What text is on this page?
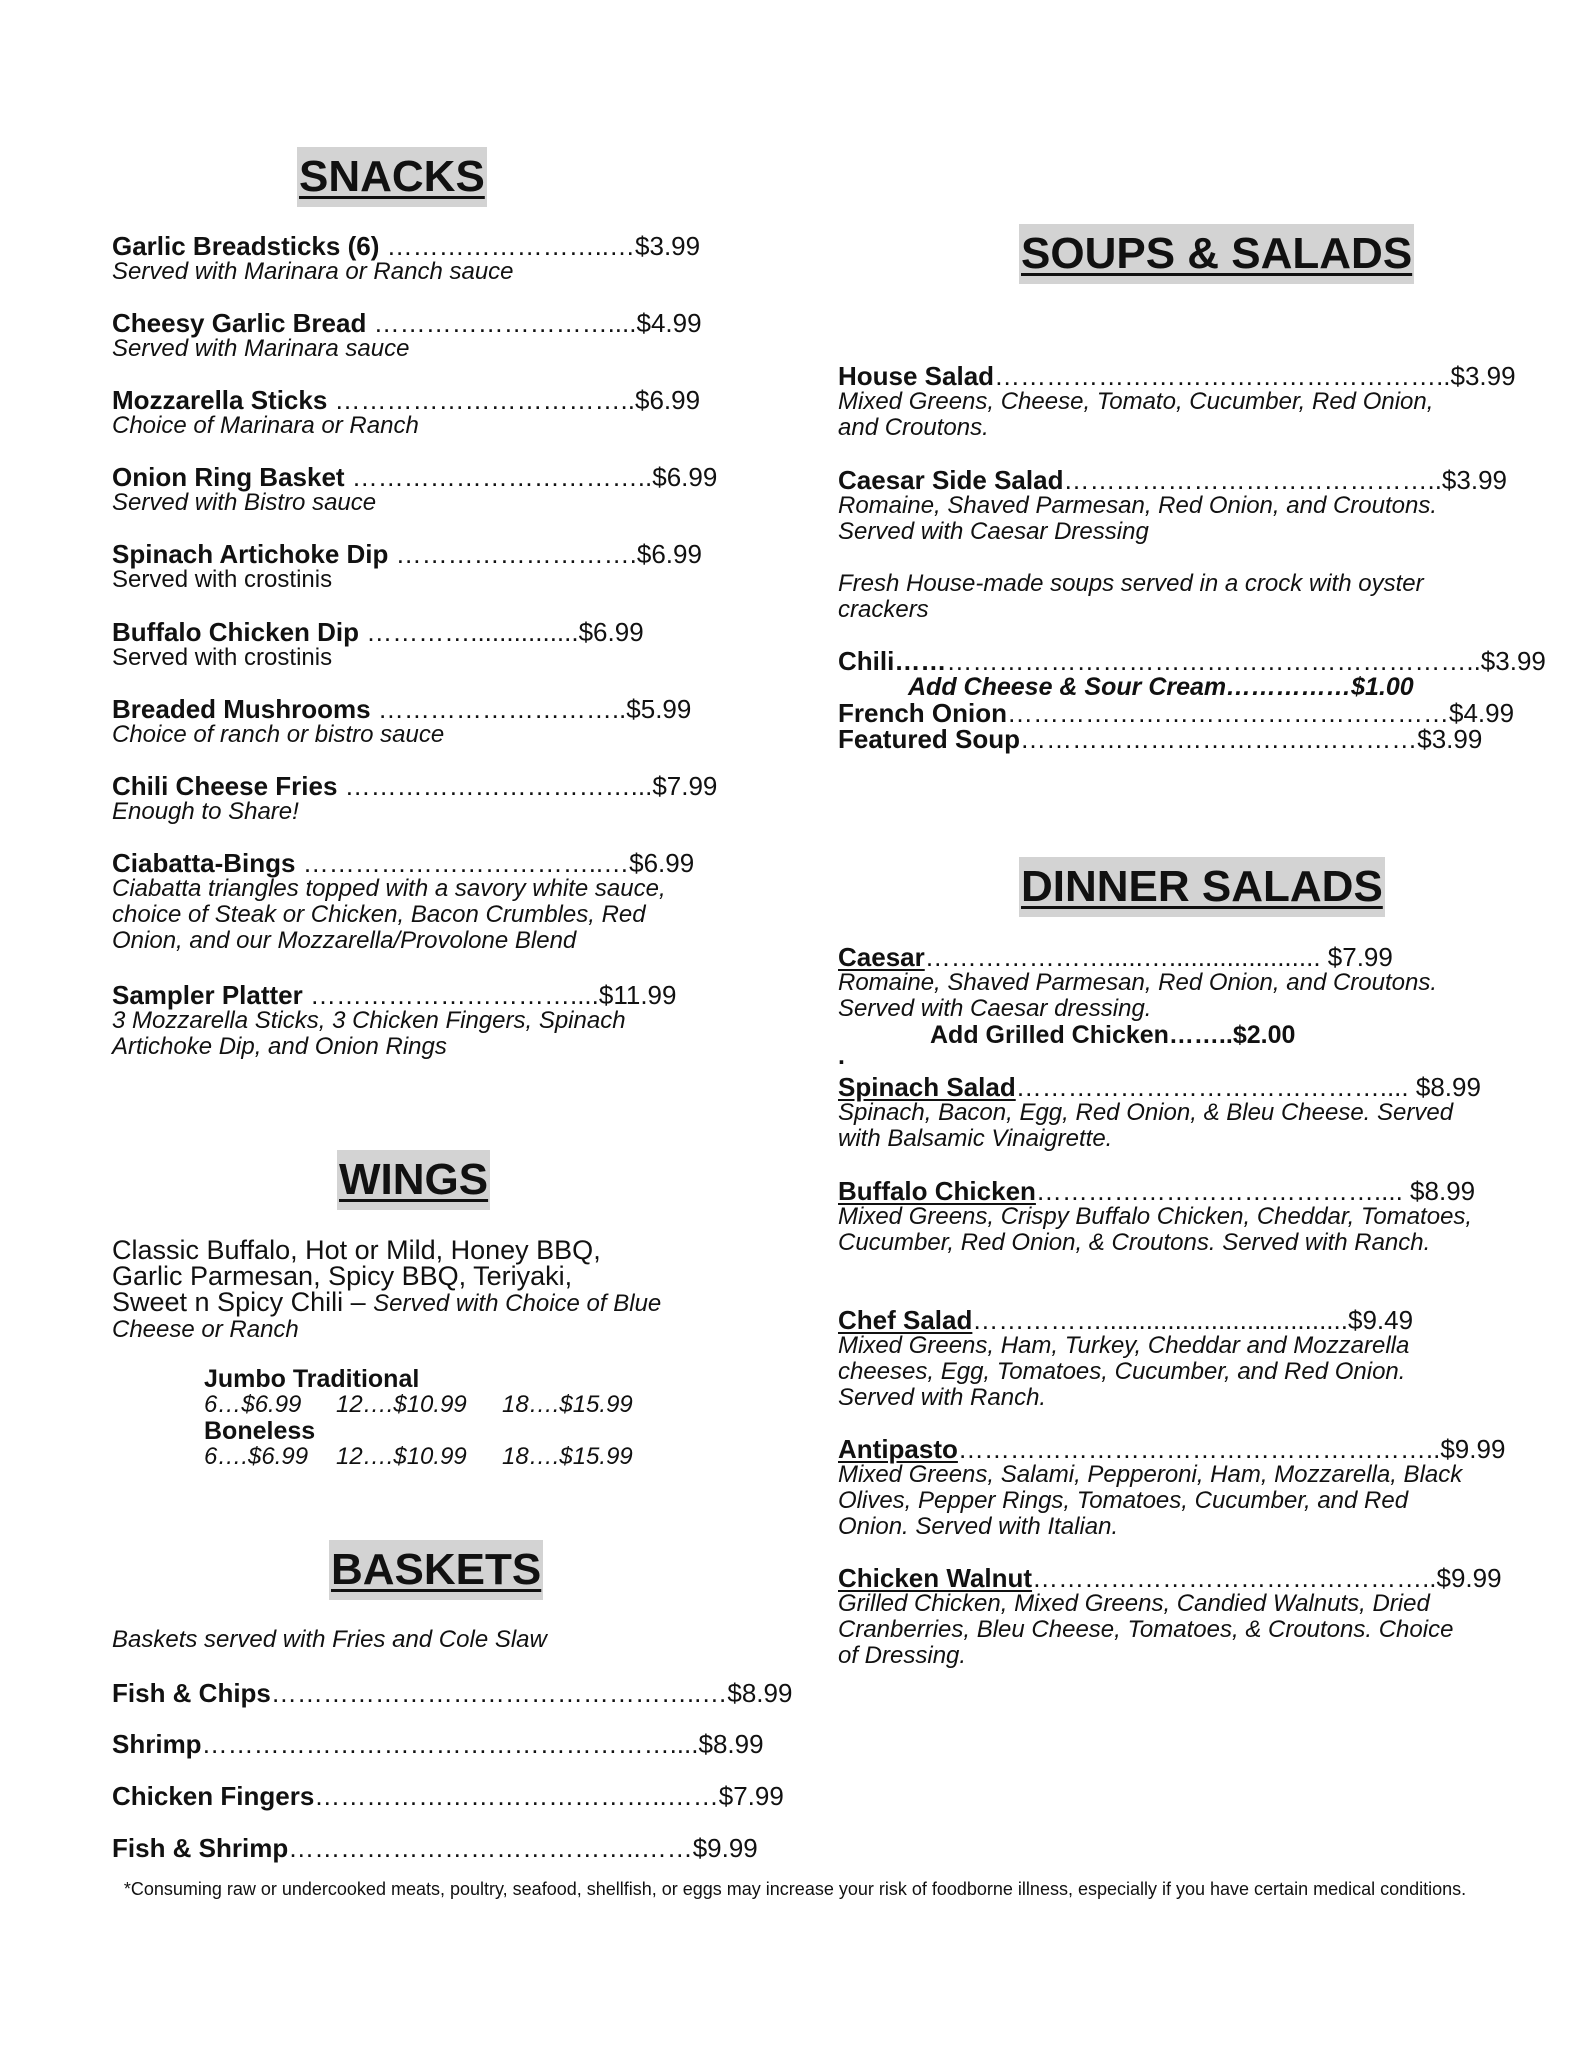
SNACKS
Garlic Breadsticks (6) ……………………..…$3.99
Served with Marinara or Ranch sauce
Cheesy Garlic Bread ………………………....$4.99
Served with Marinara sauce
Mozzarella Sticks ……………………………..$6.99
Choice of Marinara or Ranch
Onion Ring Basket ……………………………..$6.99
Served with Bistro sauce
Spinach Artichoke Dip ……………………….$6.99
Served with crostinis
Buffalo Chicken Dip …………...............$6.99
Served with crostinis
Breaded Mushrooms ………………………..$5.99
Choice of ranch or bistro sauce
Chili Cheese Fries ……………………………...$7.99
Enough to Share!
Ciabatta-Bings ……………………………..…$6.99
Ciabatta triangles topped with a savory white sauce, choice of Steak or Chicken, Bacon Crumbles, Red Onion, and our Mozzarella/Provolone Blend
Sampler Platter …………………………....$11.99
3 Mozzarella Sticks, 3 Chicken Fingers, Spinach Artichoke Dip, and Onion Rings
WINGS
Classic Buffalo, Hot or Mild, Honey BBQ,
Garlic Parmesan, Spicy BBQ, Teriyaki,
Sweet n Spicy Chili – Served with Choice of Blue
Cheese or Ranch
Jumbo Traditional
6…$6.99	12….$10.99	18….$15.99
Boneless
6….$6.99	12….$10.99	18….$15.99
BASKETS
Baskets served with Fries and Cole Slaw
Fish & Chips…………………………………………..…$8.99
Shrimp………………………………………………....$8.99
Chicken Fingers…………………………………..……$7.99
Fish & Shrimp…………………………………..……$9.99
SOUPS & SALADS
House Salad……………………………………………..$3.99
Mixed Greens, Cheese, Tomato, Cucumber, Red Onion, and Croutons.
Caesar Side Salad……………………………………..$3.99
Romaine, Shaved Parmesan, Red Onion, and Croutons. Served with Caesar Dressing
Fresh House-made soups served in a crock with oyster crackers
Chili…………………………………………………………..$3.99
Add Cheese & Sour Cream……………$1.00
French Onion……………………………………………$4.99
Featured Soup…………………………….…………$3.99
DINNER SALADS
Caesar………………….....…..................... $7.99
Romaine, Shaved Parmesan, Red Onion, and Croutons. Served with Caesar dressing.
Add Grilled Chicken……..$2.00
.
Spinach Salad…………………………………….... $8.99
Spinach, Bacon, Egg, Red Onion, & Bleu Cheese. Served with Balsamic Vinaigrette.
Buffalo Chicken………………………………….... $8.99
Mixed Greens, Crispy Buffalo Chicken, Cheddar, Tomatoes, Cucumber, Red Onion, & Croutons. Served with Ranch.
Chef Salad……………..................................$9.49
Mixed Greens, Ham, Turkey, Cheddar and Mozzarella cheeses, Egg, Tomatoes, Cucumber, and Red Onion. Served with Ranch.
Antipasto………………………………………………..$9.99
Mixed Greens, Salami, Pepperoni, Ham, Mozzarella, Black Olives, Pepper Rings, Tomatoes, Cucumber, and Red Onion. Served with Italian.
Chicken Walnut………………………………………..$9.99
Grilled Chicken, Mixed Greens, Candied Walnuts, Dried Cranberries, Bleu Cheese, Tomatoes, & Croutons. Choice of Dressing.
*Consuming raw or undercooked meats, poultry, seafood, shellfish, or eggs may increase your risk of foodborne illness, especially if you have certain medical conditions.
